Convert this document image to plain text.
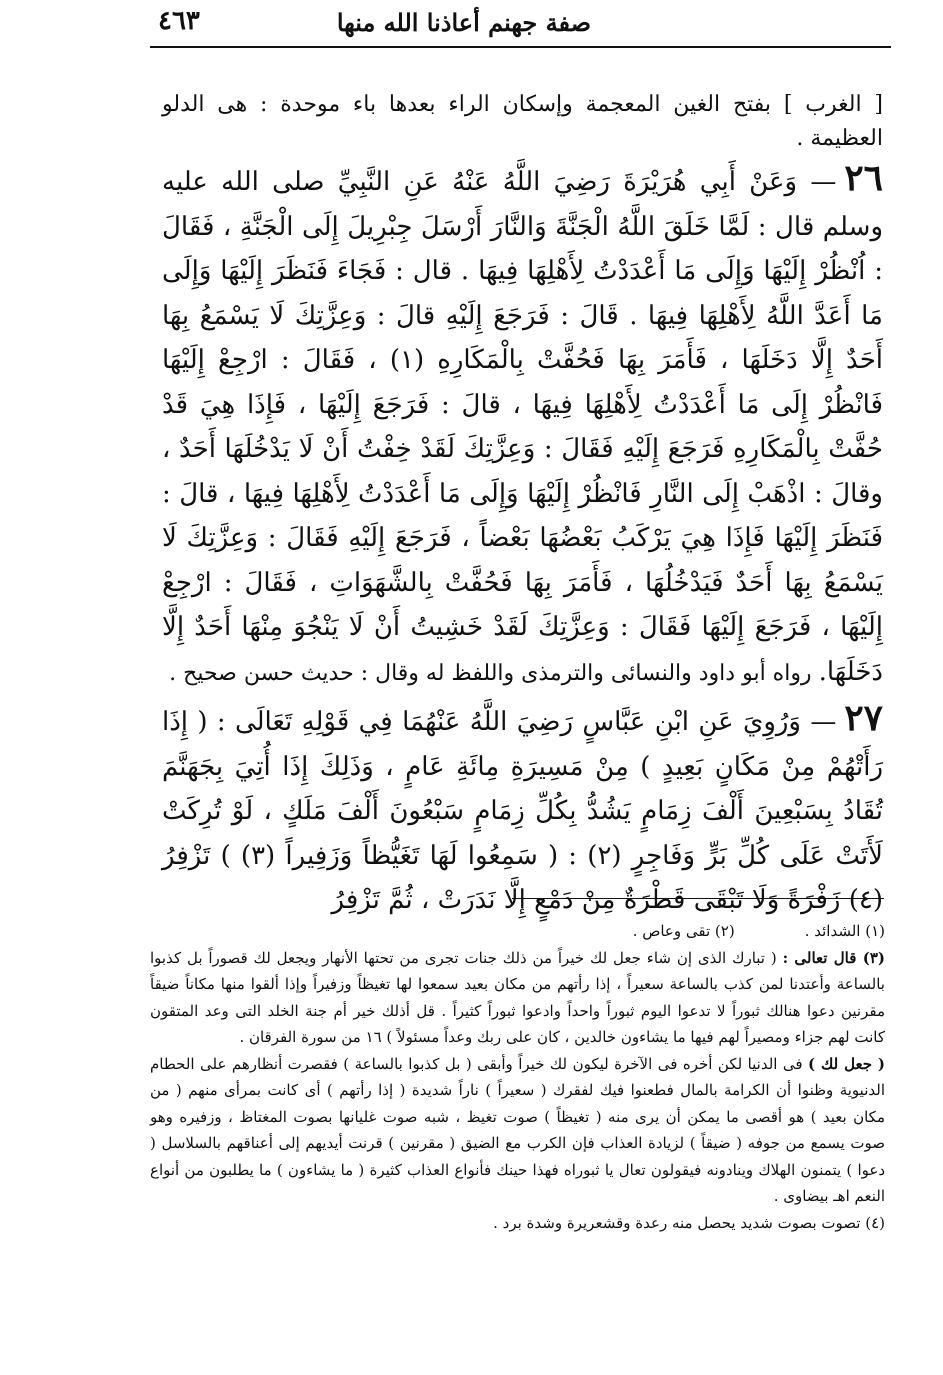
صفة جهنم أعاذنا الله منها
٤٦٣

[ الغرب ] بفتح الغين المعجمة وإسكان الراء بعدها باء موحدة : هى الدلو العظيمة .

٢٦— وَعَنْ أَبِي هُرَيْرَةَ رَضِيَ اللَّهُ عَنْهُ عَنِ النَّبِيِّ صلى الله عليه وسلم قال : لَمَّا خَلَقَ اللَّهُ الْجَنَّةَ وَالنَّارَ أَرْسَلَ جِبْرِيلَ إِلَى الْجَنَّةِ ، فَقَالَ : اُنْظُرْ إِلَيْهَا وَإِلَى مَا أَعْدَدْتُ لِأَهْلِهَا فِيهَا . قال : فَجَاءَ فَنَظَرَ إِلَيْهَا وَإِلَى مَا أَعَدَّ اللَّهُ لِأَهْلِهَا فِيهَا . قَالَ : فَرَجَعَ إِلَيْهِ قالَ : وَعِزَّتِكَ لَا يَسْمَعُ بِهَا أَحَدٌ إِلَّا دَخَلَهَا ، فَأَمَرَ بِهَا فَحُفَّتْ بِالْمَكَارِهِ (١) ، فَقَالَ : ارْجِعْ إِلَيْهَا فَانْظُرْ إِلَى مَا أَعْدَدْتُ لِأَهْلِهَا فِيهَا ، قالَ : فَرَجَعَ إِلَيْهَا ، فَإِذَا هِيَ قَدْ حُفَّتْ بِالْمَكَارِهِ فَرَجَعَ إِلَيْهِ فَقَالَ : وَعِزَّتِكَ لَقَدْ خِفْتُ أَنْ لَا يَدْخُلَهَا أَحَدٌ ، وقالَ : اذْهَبْ إِلَى النَّارِ فَانْظُرْ إِلَيْهَا وَإِلَى مَا أَعْدَدْتُ لِأَهْلِهَا فِيهَا ، قالَ : فَنَظَرَ إِلَيْهَا فَإِذَا هِيَ يَرْكَبُ بَعْضُهَا بَعْضاً ، فَرَجَعَ إِلَيْهِ فَقَالَ : وَعِزَّتِكَ لَا يَسْمَعُ بِهَا أَحَدٌ فَيَدْخُلُهَا ، فَأَمَرَ بِهَا فَحُفَّتْ بِالشَّهَوَاتِ ، فَقَالَ : ارْجِعْ إِلَيْهَا ، فَرَجَعَ إِلَيْهَا فَقَالَ : وَعِزَّتِكَ لَقَدْ خَشِيتُ أَنْ لَا يَنْجُوَ مِنْهَا أَحَدٌ إِلَّا دَخَلَهَا. رواه أبو داود والنسائى والترمذى واللفظ له وقال : حديث حسن صحيح .

٢٧— وَرُوِيَ عَنِ ابْنِ عَبَّاسٍ رَضِيَ اللَّهُ عَنْهُمَا فِي قَوْلِهِ تَعَالَى : ( إِذَا رَأَتْهُمْ مِنْ مَكَانٍ بَعِيدٍ ) مِنْ مَسِيرَةِ مِائَةِ عَامٍ ، وَذَلِكَ إِذَا أُتِيَ بِجَهَنَّمَ تُقَادُ بِسَبْعِينَ أَلْفَ زِمَامٍ يَشُدُّ بِكُلِّ زِمَامٍ سَبْعُونَ أَلْفَ مَلَكٍ ، لَوْ تُرِكَتْ لَأَتَتْ عَلَى كُلِّ بَرٍّ وَفَاجِرٍ (٢) : ( سَمِعُوا لَهَا تَغَيُّظاً وَزَفِيراً (٣) ) تَزْفِرُ (٤) زَفْرَةً وَلَا تَبْقَى قَطْرَةٌ مِنْ دَمْعٍ إِلَّا نَدَرَتْ ، ثُمَّ تَزْفِرُ

(١) الشدائد .(٢) تقى وعاص .

(٣) قال تعالى : ( تبارك الذى إن شاء جعل لك خيراً من ذلك جنات تجرى من تحتها الأنهار ويجعل لك قصوراً بل كذبوا بالساعة وأعتدنا لمن كذب بالساعة سعيراً ، إذا رأتهم من مكان بعيد سمعوا لها تغيظاً وزفيراً وإذا ألقوا منها مكاناً ضيقاً مقرنين دعوا هنالك ثبوراً لا تدعوا اليوم ثبوراً واحداً وادعوا ثبوراً كثيراً . قل أذلك خير أم جنة الخلد التى وعد المتقون كانت لهم جزاء ومصيراً لهم فيها ما يشاءون خالدين ، كان على ربك وعداً مسئولاً ) ١٦ من سورة الفرقان .

( جعل لك ) فى الدنيا لكن أخره فى الآخرة ليكون لك خيراً وأبقى ( بل كذبوا بالساعة ) فقصرت أنظارهم على الحطام الدنيوية وظنوا أن الكرامة بالمال فطعنوا فيك لفقرك ( سعيراً ) ناراً شديدة ( إذا رأتهم ) أى كانت بمرأى منهم ( من مكان بعيد ) هو أقصى ما يمكن أن يرى منه ( تغيظاً ) صوت تغيظ ، شبه صوت غليانها بصوت المغتاظ ، وزفيره وهو صوت يسمع من جوفه ( ضيقاً ) لزيادة العذاب فإن الكرب مع الضيق ( مقرنين ) قرنت أيديهم إلى أعناقهم بالسلاسل ( دعوا ) يتمنون الهلاك وينادونه فيقولون تعال يا ثبوراه فهذا حينك فأنواع العذاب كثيرة ( ما يشاءون ) ما يطلبون من أنواع النعم اهـ بيضاوى .

(٤) تصوت بصوت شديد يحصل منه رعدة وقشعريرة وشدة برد .
